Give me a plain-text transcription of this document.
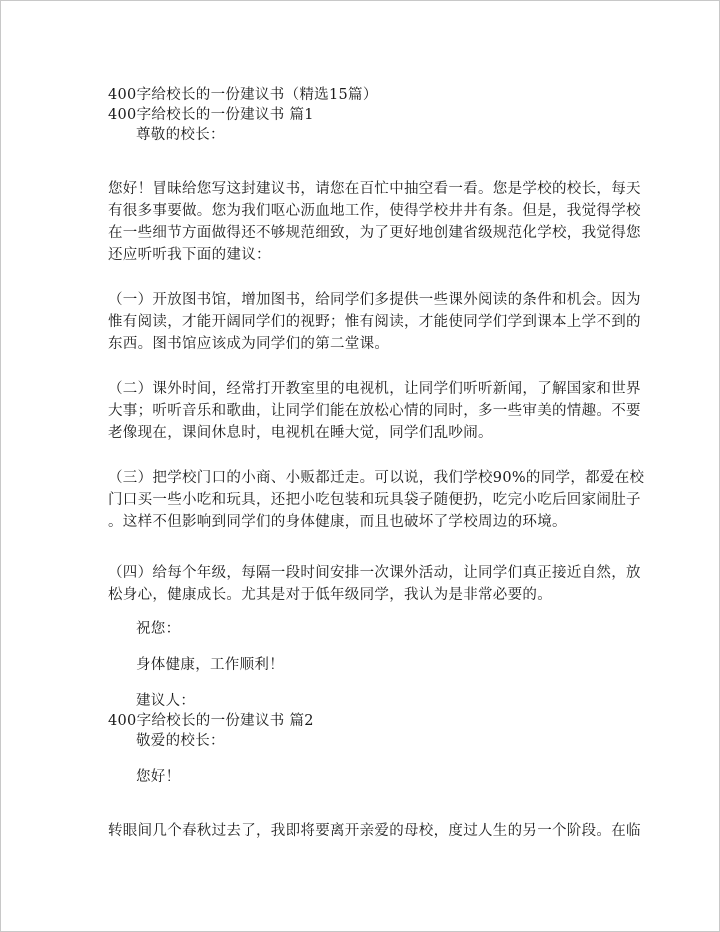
400字给校长的一份建议书（精选15篇）
400字给校长的一份建议书 篇1
尊敬的校长：
您好！冒昧给您写这封建议书，请您在百忙中抽空看一看。您是学校的校长，每天
有很多事要做。您为我们呕心沥血地工作，使得学校井井有条。但是，我觉得学校
在一些细节方面做得还不够规范细致，为了更好地创建省级规范化学校，我觉得您
还应听听我下面的建议：
（一）开放图书馆，增加图书，给同学们多提供一些课外阅读的条件和机会。因为
惟有阅读，才能开阔同学们的视野；惟有阅读，才能使同学们学到课本上学不到的
东西。图书馆应该成为同学们的第二堂课。
（二）课外时间，经常打开教室里的电视机，让同学们听听新闻，了解国家和世界
大事；听听音乐和歌曲，让同学们能在放松心情的同时，多一些审美的情趣。不要
老像现在，课间休息时，电视机在睡大觉，同学们乱吵闹。
（三）把学校门口的小商、小贩都迁走。可以说，我们学校90%的同学，都爱在校
门口买一些小吃和玩具，还把小吃包装和玩具袋子随便扔，吃完小吃后回家闹肚子
。这样不但影响到同学们的身体健康，而且也破坏了学校周边的环境。
（四）给每个年级，每隔一段时间安排一次课外活动，让同学们真正接近自然，放
松身心，健康成长。尤其是对于低年级同学，我认为是非常必要的。
祝您：
身体健康，工作顺利！
建议人：
400字给校长的一份建议书 篇2
敬爱的校长：
您好！
转眼间几个春秋过去了，我即将要离开亲爱的母校，度过人生的另一个阶段。在临
